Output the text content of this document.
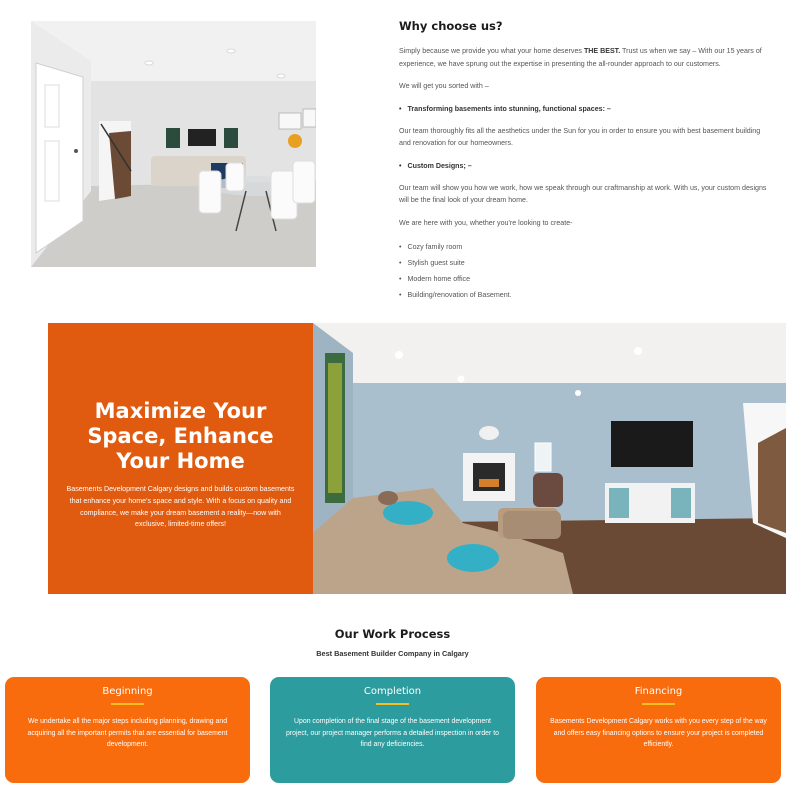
Why choose us?

Simply because we provide you what your home deserves THE BEST. Trust us when we say – With our 15 years of experience, we have sprung out the expertise in presenting the all-rounder approach to our customers.

We will get you sorted with –

• Transforming basements into stunning, functional spaces: –

Our team thoroughly fits all the aesthetics under the Sun for you in order to ensure you with best basement building and renovation for our homeowners.

• Custom Designs; –

Our team will show you how we work, how we speak through our craftmanship at work. With us, your custom designs will be the final look of your dream home.

We are here with you, whether you're looking to create-

• Cozy family room
• Stylish guest suite
• Modern home office
• Building/renovation of Basement.
Maximize Your Space, Enhance Your Home

Basements Development Calgary designs and builds custom basements that enhance your home's space and style. With a focus on quality and compliance, we make your dream basement a reality—now with exclusive, limited-time offers!

Our Work Process
Best Basement Builder Company in Calgary
Beginning

We undertake all the major steps including planning, drawing and acquiring all the important permits that are essential for basement development.

Completion

Upon completion of the final stage of the basement development project, our project manager performs a detailed inspection in order to find any deficiencies.

Financing

Basements Development Calgary works with you every step of the way and offers easy financing options to ensure your project is completed efficiently.
